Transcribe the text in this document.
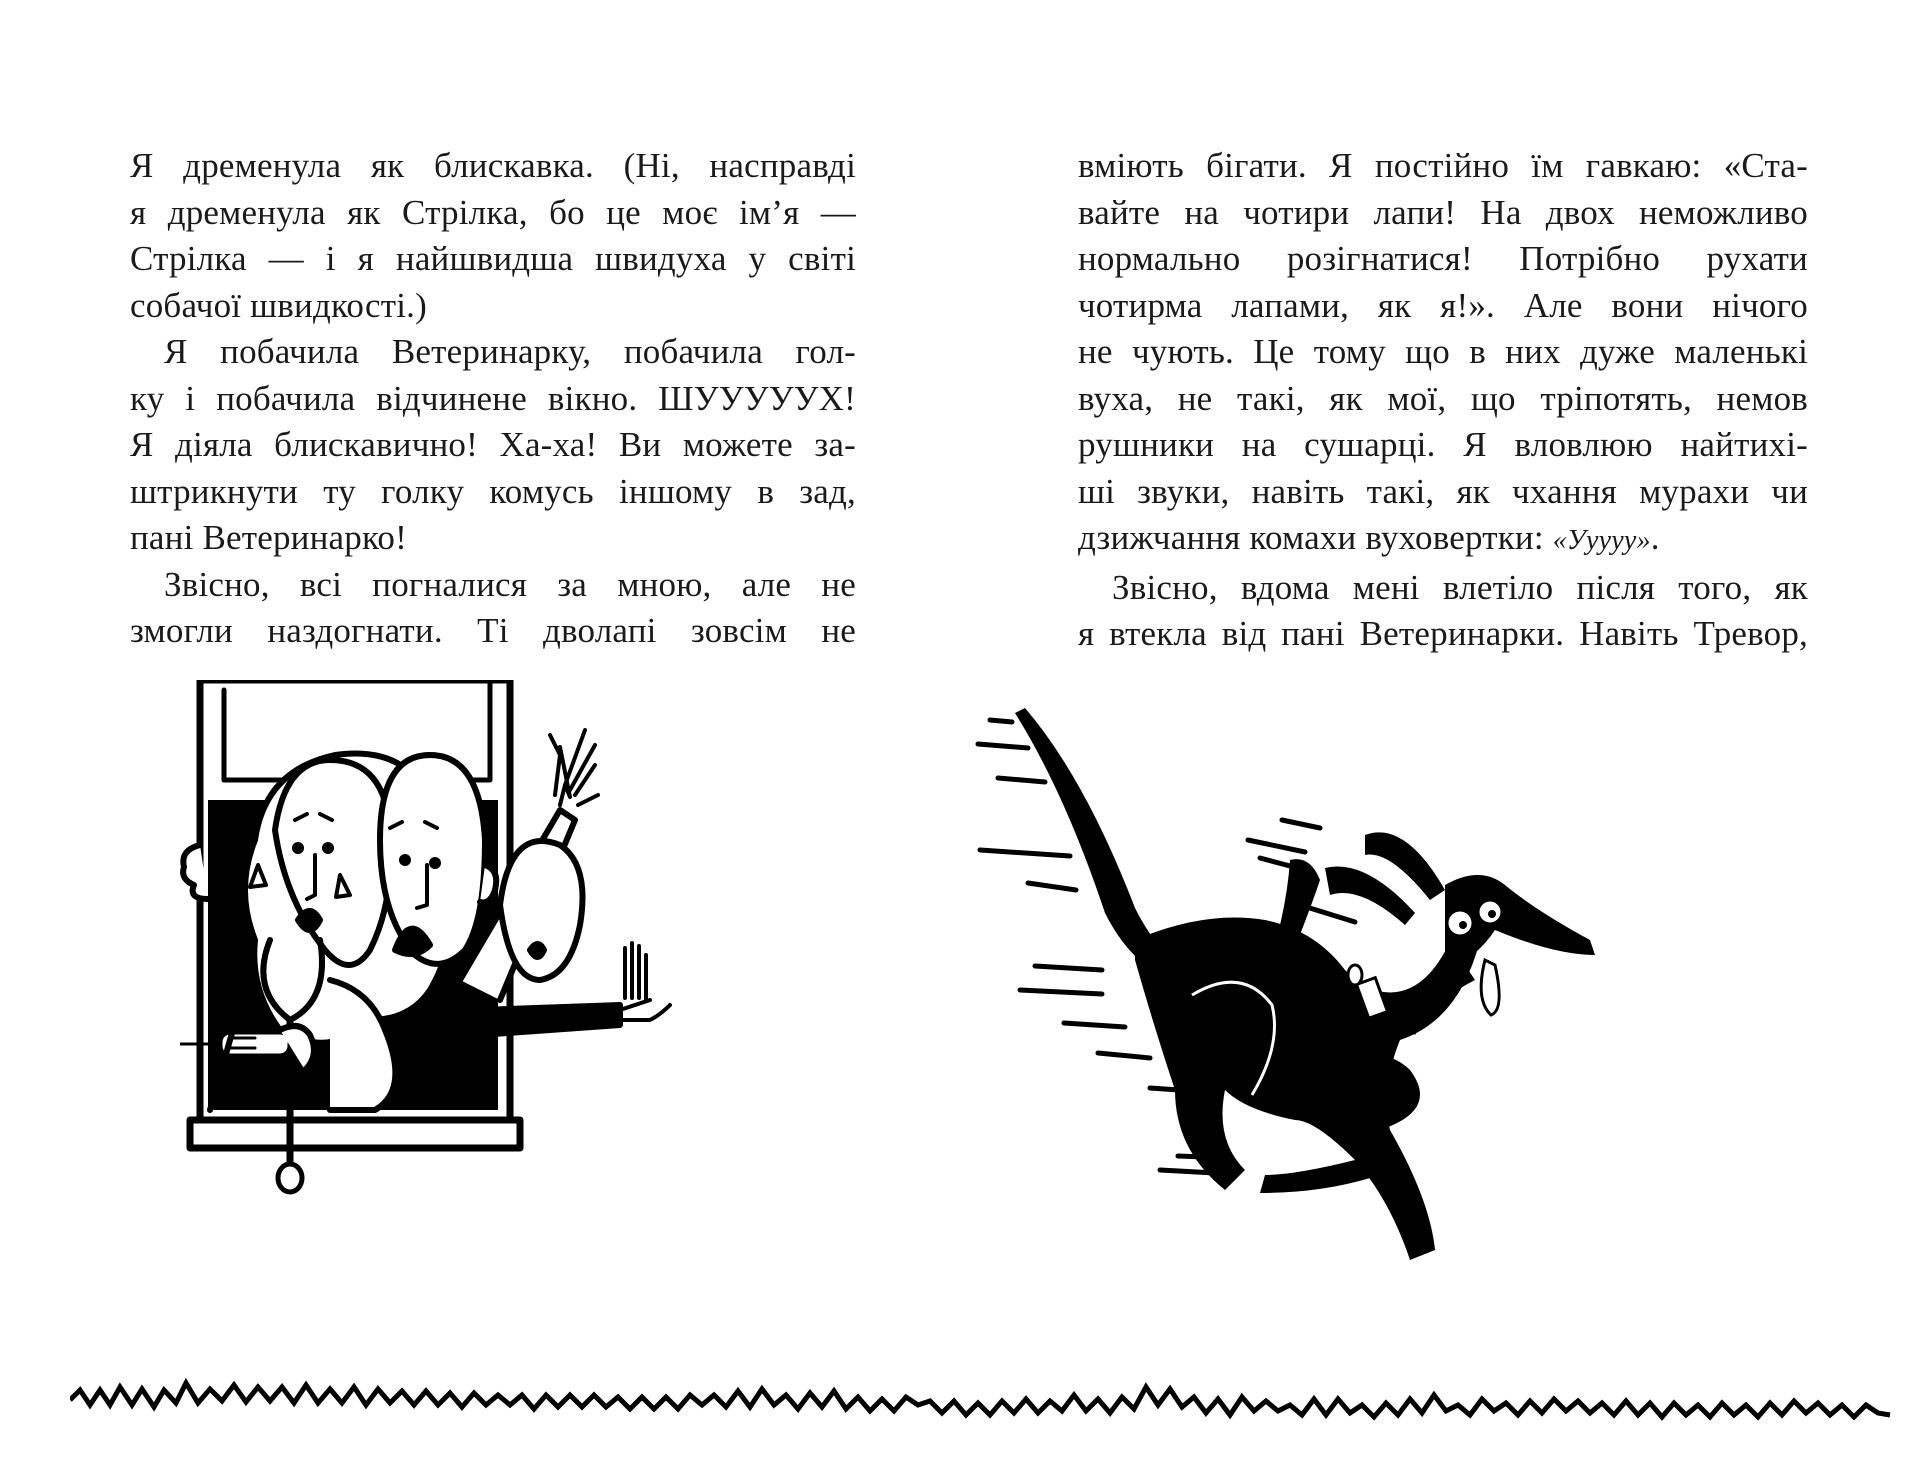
Я дременула як блискавка. (Ні, насправді
я дременула як Стрілка, бо це моє ім’я —
Стрілка — і я найшвидша швидуха у світі
собачої швидкості.)
Я побачила Ветеринарку, побачила гол-
ку і побачила відчинене вікно. ШУУУУУХ!
Я діяла блискавично! Ха-ха! Ви можете за-
штрикнути ту голку комусь іншому в зад,
пані Ветеринарко!
Звісно, всі погналися за мною, але не
змогли наздогнати. Ті дволапі зовсім не
вміють бігати. Я постійно їм гавкаю: «Ста-
вайте на чотири лапи! На двох неможливо
нормально розігнатися! Потрібно рухати
чотирма лапами, як я!». Але вони нічого
не чують. Це тому що в них дуже маленькі
вуха, не такі, як мої, що тріпотять, немов
рушники на сушарці. Я вловлюю найтихі-
ші звуки, навіть такі, як чхання мурахи чи
дзижчання комахи вуховертки: «Уyyyy».
Звісно, вдома мені влетіло після того, як
я втекла від пані Ветеринарки. Навіть Тревор,
